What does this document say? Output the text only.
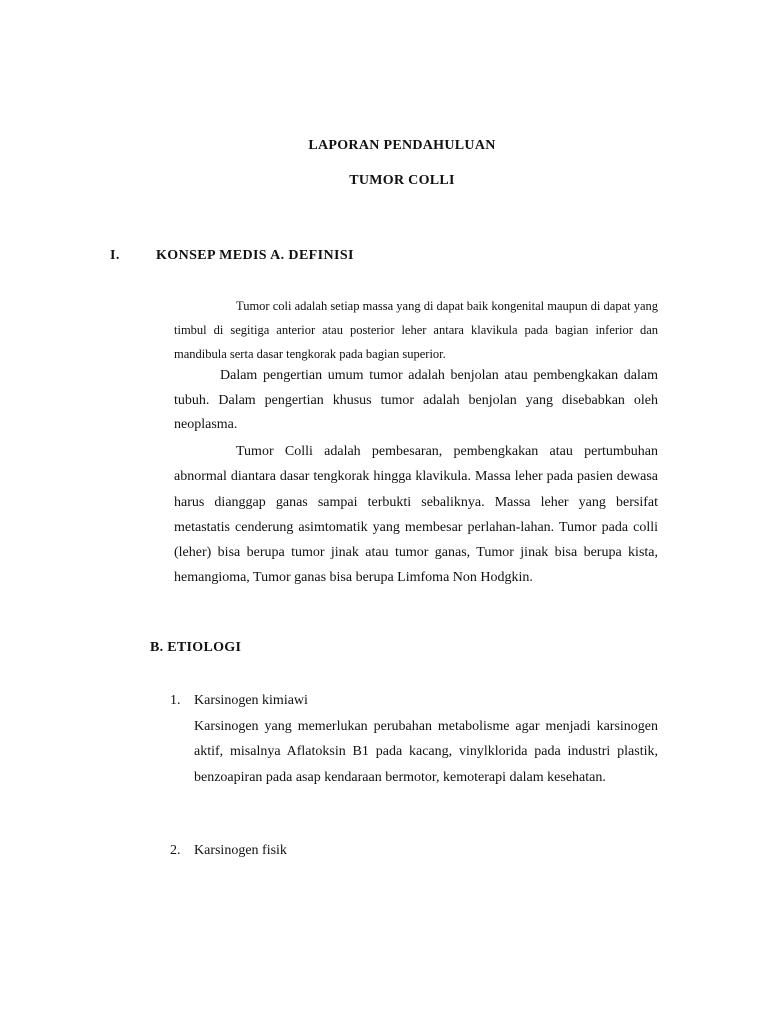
LAPORAN PENDAHULUAN
TUMOR COLLI
I.	KONSEP MEDIS A. DEFINISI

Tumor coli adalah setiap massa yang di dapat baik kongenital maupun di dapat yang timbul di segitiga anterior atau posterior leher antara klavikula pada bagian inferior dan mandibula serta dasar tengkorak pada bagian superior.

Dalam pengertian umum tumor adalah benjolan atau pembengkakan dalam tubuh. Dalam pengertian khusus tumor adalah benjolan yang disebabkan oleh neoplasma.

Tumor Colli adalah pembesaran, pembengkakan atau pertumbuhan abnormal diantara dasar tengkorak hingga klavikula. Massa leher pada pasien dewasa harus dianggap ganas sampai terbukti sebaliknya. Massa leher yang bersifat metastatis cenderung asimtomatik yang membesar perlahan-lahan. Tumor pada colli (leher) bisa berupa tumor jinak atau tumor ganas, Tumor jinak bisa berupa kista, hemangioma, Tumor ganas bisa berupa Limfoma Non Hodgkin.

B. ETIOLOGI
1. Karsinogen kimiawi

Karsinogen yang memerlukan perubahan metabolisme agar menjadi karsinogen aktif, misalnya Aflatoksin B1 pada kacang, vinylklorida pada industri plastik, benzoapiran pada asap kendaraan bermotor, kemoterapi dalam kesehatan.

2. Karsinogen fisik
